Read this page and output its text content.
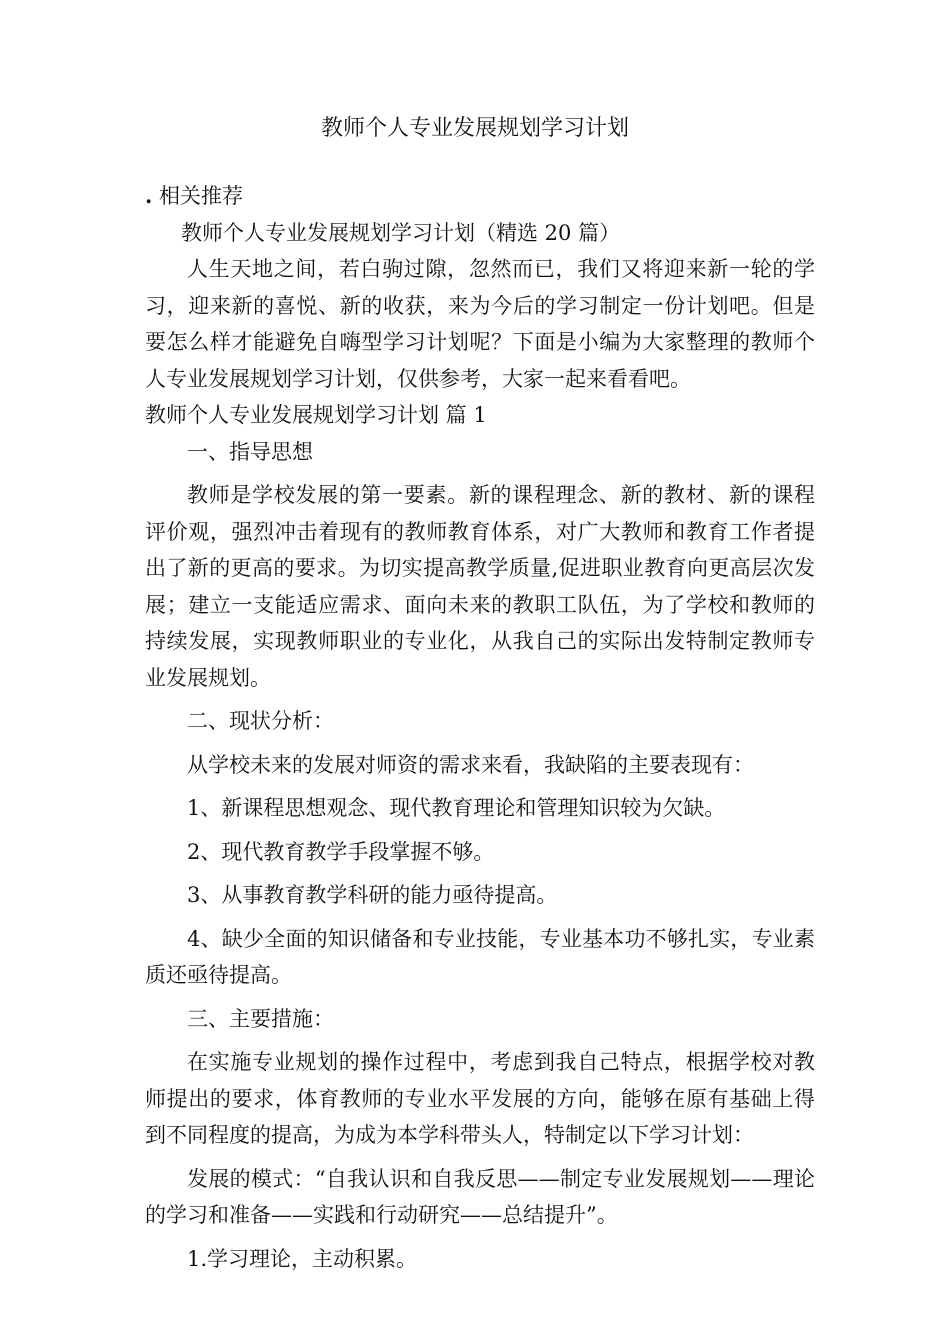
教师个人专业发展规划学习计划

. 相关推荐

教师个人专业发展规划学习计划（精选 20 篇）

人生天地之间，若白驹过隙，忽然而已，我们又将迎来新一轮的学习，迎来新的喜悦、新的收获，来为今后的学习制定一份计划吧。但是要怎么样才能避免自嗨型学习计划呢？下面是小编为大家整理的教师个人专业发展规划学习计划，仅供参考，大家一起来看看吧。

教师个人专业发展规划学习计划 篇 1

一、指导思想

教师是学校发展的第一要素。新的课程理念、新的教材、新的课程评价观，强烈冲击着现有的教师教育体系，对广大教师和教育工作者提出了新的更高的要求。为切实提高教学质量,促进职业教育向更高层次发展；建立一支能适应需求、面向未来的教职工队伍，为了学校和教师的持续发展，实现教师职业的专业化，从我自己的实际出发特制定教师专业发展规划。

二、现状分析：

从学校未来的发展对师资的需求来看，我缺陷的主要表现有：

1、新课程思想观念、现代教育理论和管理知识较为欠缺。

2、现代教育教学手段掌握不够。

3、从事教育教学科研的能力亟待提高。

4、缺少全面的知识储备和专业技能，专业基本功不够扎实，专业素质还亟待提高。

三、主要措施：

在实施专业规划的操作过程中，考虑到我自己特点，根据学校对教师提出的要求，体育教师的专业水平发展的方向，能够在原有基础上得到不同程度的提高，为成为本学科带头人，特制定以下学习计划：

发展的模式：“自我认识和自我反思——制定专业发展规划——理论的学习和准备——实践和行动研究——总结提升”。

1.学习理论，主动积累。
